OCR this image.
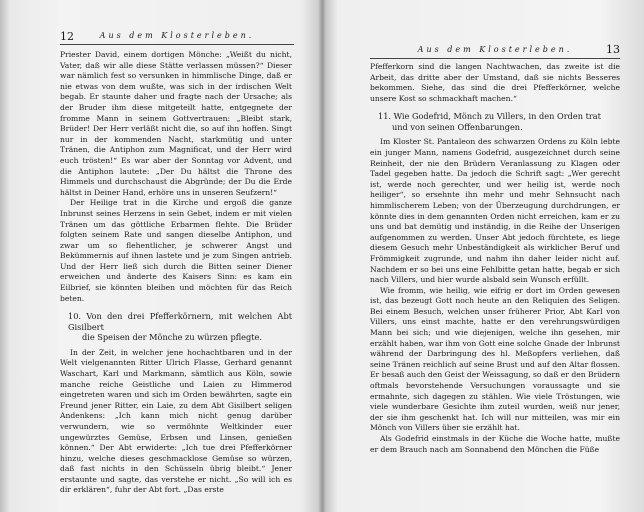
12	Aus dem Klosterleben.

Priester David, einem dortigen Mönche: „Weißt du nicht, Vater, daß wir alle diese Stätte verlassen müssen?“ Dieser war nämlich fest so versunken in himmlische Dinge, daß er nie etwas von dem wußte, was sich in der irdischen Welt begab. Er staunte daher und fragte nach der Ursache; als der Bruder ihm diese mitgeteilt hatte, entgegnete der fromme Mann in seinem Gottvertrauen: „Bleibt stark, Brüder! Der Herr verläßt nicht die, so auf ihn hoffen. Singt nur in der kommenden Nacht, starkmütig und unter Tränen, die Antiphon zum Magnificat, und der Herr wird euch trösten!“ Es war aber der Sonntag vor Advent, und die Antiphon lautete: „Der Du hältst die Throne des Himmels und durchschaust die Abgründe; der Du die Erde hältst in Deiner Hand, erhöre uns in unseren Seufzern!“

Der Heilige trat in die Kirche und ergoß die ganze Inbrunst seines Herzens in sein Gebet, indem er mit vielen Tränen um das göttliche Erbarmen flehte. Die Brüder folgten seinem Rate und sangen dieselbe Antiphon, und zwar um so flehentlicher, je schwerer Angst und Bekümmernis auf ihnen lastete und je zum Singen antrieb. Und der Herr ließ sich durch die Bitten seiner Diener erweichen und änderte des Kaisers Sinn: es kam ein Eilbrief, sie könnten bleiben und möchten für das Reich beten.

10. Von den drei Pfefferkörnern, mit welchen Abt Gisilbert
die Speisen der Mönche zu würzen pflegte.

In der Zeit, in welcher jene hochachtbaren und in der Welt vielgenannten Ritter Ulrich Flasse, Gerhard genannt Waschart, Karl und Markmann, sämtlich aus Köln, sowie manche reiche Geistliche und Laien zu Himmerod eingetreten waren und sich im Orden bewährten, sagte ein Freund jener Ritter, ein Laie, zu dem Abt Gisilbert seligen Andenkens: „Ich kann mich nicht genug darüber verwundern, wie so vermöhnte Weltkinder euer ungewürztes Gemüse, Erbsen und Linsen, genießen können.“ Der Abt erwiderte: „Ich tue drei Pfefferkörner hinzu, welche dieses geschmacklose Gemüse so würzen, daß fast nichts in den Schüsseln übrig bleibt.“ Jener erstaunte und sagte, das verstehe er nicht. „So will ich es dir erklären“, fuhr der Abt fort. „Das erste

Aus dem Klosterleben.	13

Pfefferkorn sind die langen Nachtwachen, das zweite ist die Arbeit, das dritte aber der Umstand, daß sie nichts Besseres bekommen. Siehe, das sind die drei Pfefferkörner, welche unsere Kost so schmackhaft machen.“

11. Wie Godefrid, Mönch zu Villers, in den Orden trat
und von seinen Offenbarungen.

Im Kloster St. Pantaleon des schwarzen Ordens zu Köln lebte ein junger Mann, namens Godefrid, ausgezeichnet durch seine Reinheit, der nie den Brüdern Veranlassung zu Klagen oder Tadel gegeben hatte. Da jedoch die Schrift sagt: „Wer gerecht ist, werde noch gerechter, und wer heilig ist, werde noch heiliger“, so ersehnte ihn mehr und mehr Sehnsucht nach himmlischerem Leben; von der Überzeugung durchdrungen, er könnte dies in dem genannten Orden nicht erreichen, kam er zu uns und bat demütig und inständig, in die Reihe der Unserigen aufgenommen zu werden. Unser Abt jedoch fürchtete, es liege diesem Gesuch mehr Unbeständigkeit als wirklicher Beruf und Frömmigkeit zugrunde, und nahm ihn daher leider nicht auf. Nachdem er so bei uns eine Fehlbitte getan hatte, begab er sich nach Villers, und hier wurde alsbald sein Wunsch erfüllt.

Wie fromm, wie heilig, wie eifrig er dort im Orden gewesen ist, das bezeugt Gott noch heute an den Reliquien des Seligen. Bei einem Besuch, welchen unser früherer Prior, Abt Karl von Villers, uns einst machte, hatte er den verehrungswürdigen Mann bei sich; und wie diejenigen, welche ihn gesehen, mir erzählt haben, war ihm von Gott eine solche Gnade der Inbrunst während der Darbringung des hl. Meßopfers verliehen, daß seine Tränen reichlich auf seine Brust und auf den Altar flossen. Er besaß auch den Geist der Weissagung, so daß er den Brüdern oftmals bevorstehende Versuchungen voraussagte und sie ermahnte, sich dagegen zu stählen. Wie viele Tröstungen, wie viele wunderbare Gesichte ihm zuteil wurden, weiß nur jener, der sie ihm geschenkt hat. Ich will nur mitteilen, was mir ein Mönch von Villers über sie erzählt hat.

Als Godefrid einstmals in der Küche die Woche hatte, mußte er dem Brauch nach am Sonnabend den Mönchen die Füße
